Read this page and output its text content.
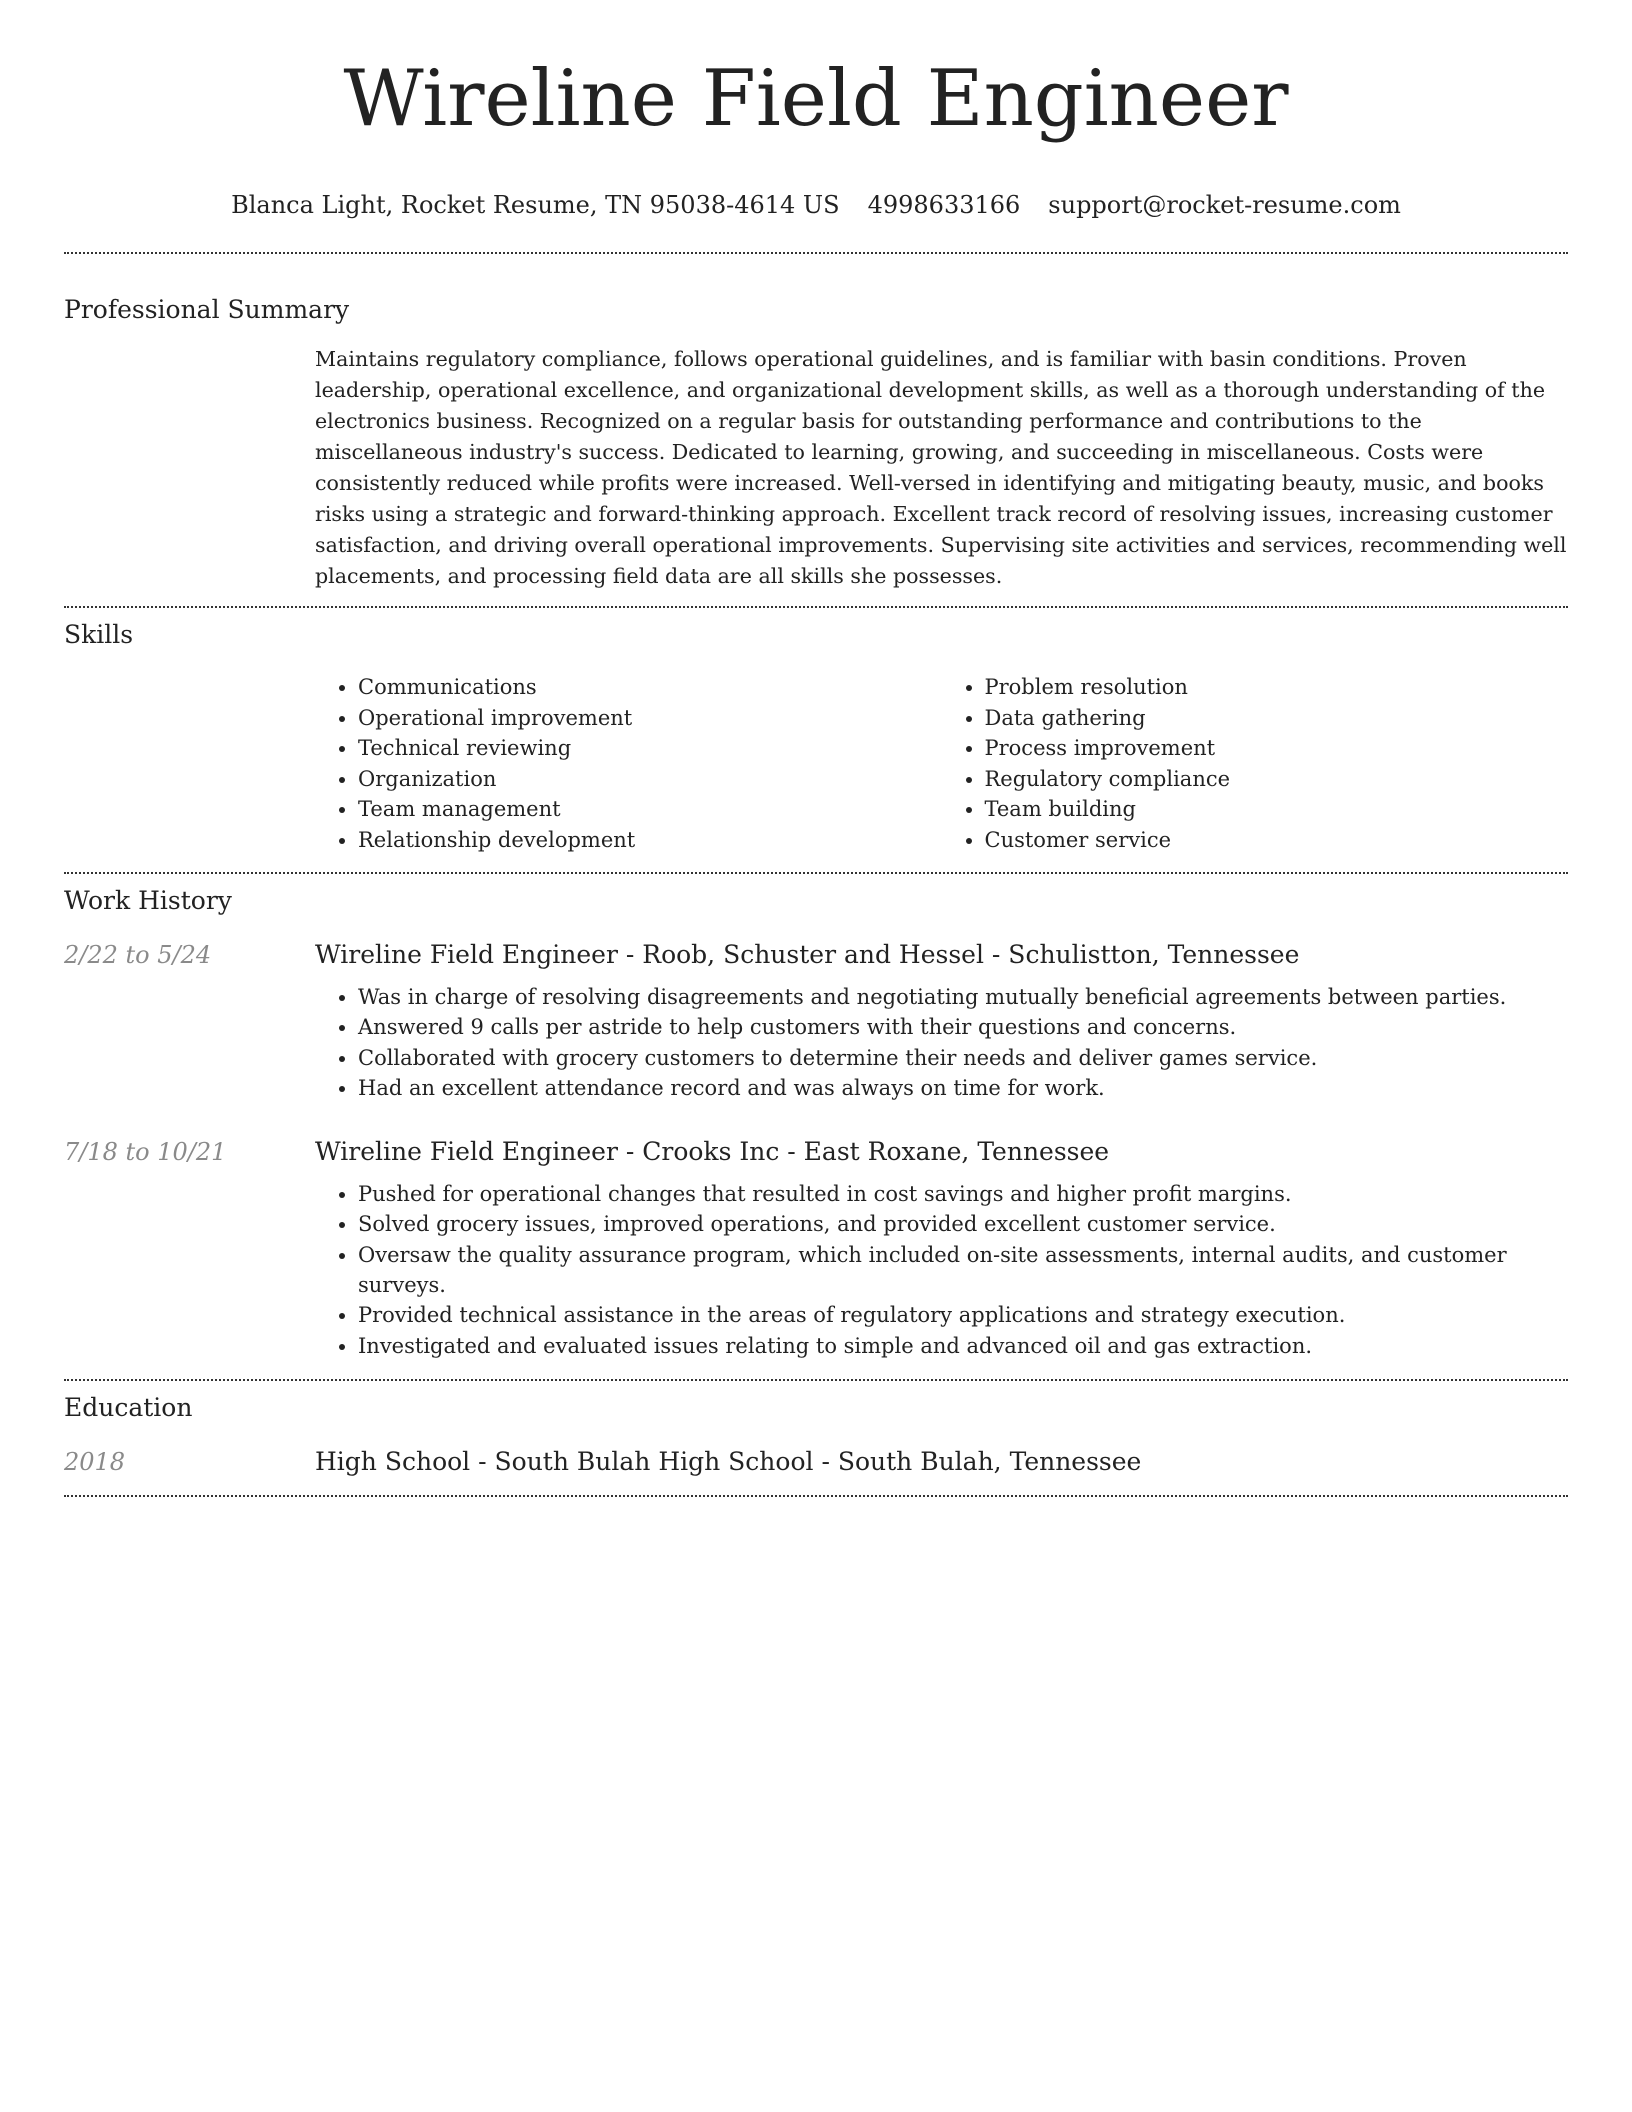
Wireline Field Engineer
Blanca Light, Rocket Resume, TN 95038-4614 US 4998633166 support@rocket-resume.com
Professional Summary
Maintains regulatory compliance, follows operational guidelines, and is familiar with basin conditions. Proven leadership, operational excellence, and organizational development skills, as well as a thorough understanding of the electronics business. Recognized on a regular basis for outstanding performance and contributions to the miscellaneous industry's success. Dedicated to learning, growing, and succeeding in miscellaneous. Costs were consistently reduced while profits were increased. Well-versed in identifying and mitigating beauty, music, and books risks using a strategic and forward-thinking approach. Excellent track record of resolving issues, increasing customer satisfaction, and driving overall operational improvements. Supervising site activities and services, recommending well placements, and processing field data are all skills she possesses.
Skills
• Communications
• Operational improvement
• Technical reviewing
• Organization
• Team management
• Relationship development
• Problem resolution
• Data gathering
• Process improvement
• Regulatory compliance
• Team building
• Customer service
Work History
2/22 to 5/24	Wireline Field Engineer - Roob, Schuster and Hessel - Schulistton, Tennessee
• Was in charge of resolving disagreements and negotiating mutually beneficial agreements between parties.
• Answered 9 calls per astride to help customers with their questions and concerns.
• Collaborated with grocery customers to determine their needs and deliver games service.
• Had an excellent attendance record and was always on time for work.
7/18 to 10/21	Wireline Field Engineer - Crooks Inc - East Roxane, Tennessee
• Pushed for operational changes that resulted in cost savings and higher profit margins.
• Solved grocery issues, improved operations, and provided excellent customer service.
• Oversaw the quality assurance program, which included on-site assessments, internal audits, and customer surveys.
• Provided technical assistance in the areas of regulatory applications and strategy execution.
• Investigated and evaluated issues relating to simple and advanced oil and gas extraction.
Education
2018	High School - South Bulah High School - South Bulah, Tennessee
